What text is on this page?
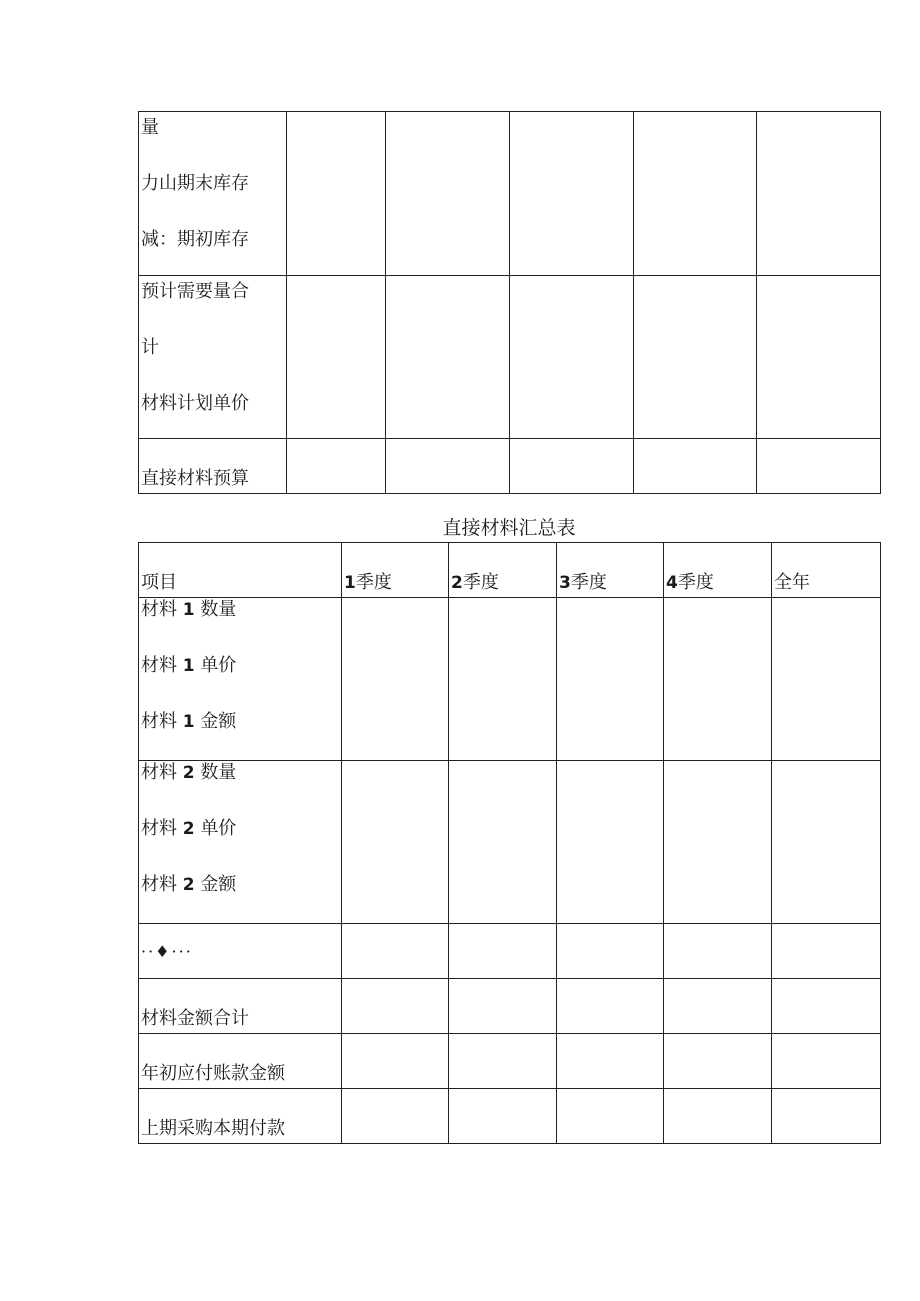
量
力山期末库存
减：期初库存					

预计需要量合
计
材料计划单价					

直接材料预算					
直接材料汇总表
项目	1季度	2季度	3季度	4季度	全年

材料 1 数量
材料 1 单价
材料 1 金额					

材料 2 数量
材料 2 单价
材料 2 金额					

··♦···					
材料金额合计					
年初应付账款金额					
上期采购本期付款					
